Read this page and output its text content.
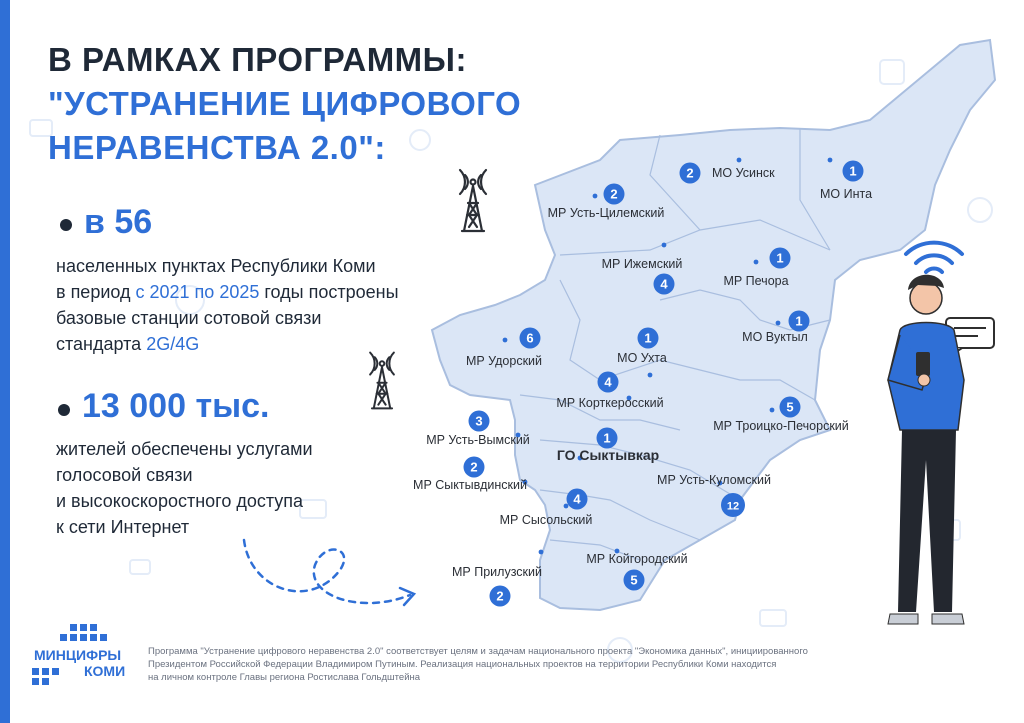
В РАМКАХ ПРОГРАММЫ:
"УСТРАНЕНИЕ ЦИФРОВОГО
НЕРАВЕНСТВА 2.0":
в 56
населенных пунктах Республики Коми
в период с 2021 по 2025 годы построены
базовые станции сотовой связи
стандарта 2G/4G
13 000 тыс.
жителей обеспечены услугами
голосовой связи
и высокоскоростного доступа
к сети Интернет
2 МО Усинск	1
МО Инта
2
МР Усть-Цилемский
4
МР Ижемский	1
МР Печора
6
МР Удорский
1
МО Ухта
1
МО Вуктыл
4
МР Корткеросский	5
МР Троицко-Печорский
3
МР Усть-Вымский	1
ГО Сыктывкар
2
МР Сыктывдинский
12
МР Усть-Куломский
4
МР Сысольский
5
МР Койгородский
2
МР Прилузский
МИНЦИФРЫ
КОМИ
Программа "Устранение цифрового неравенства 2.0" соответствует целям и задачам национального проекта "Экономика данных", инициированного
Президентом Российской Федерации Владимиром Путиным. Реализация национальных проектов на территории Республики Коми находится
на личном контроле Главы региона Ростислава Гольдштейна
